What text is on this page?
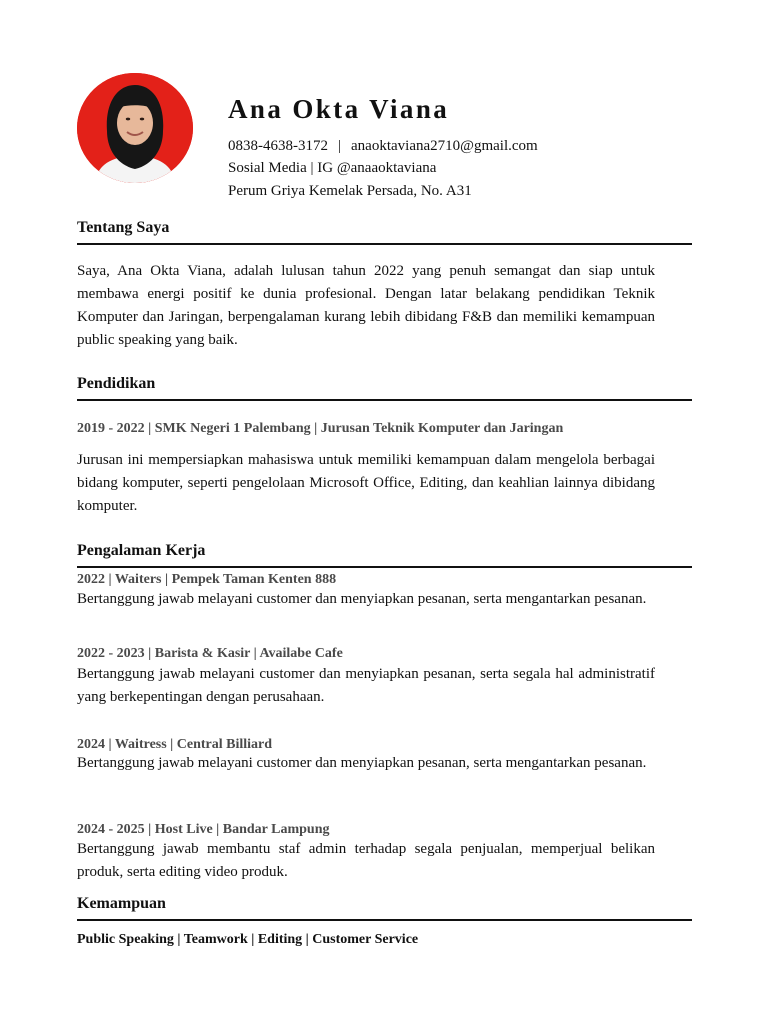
Ana Okta Viana
0838-4638-3172 | anaoktaviana2710@gmail.com
Sosial Media | IG @anaaoktaviana
Perum Griya Kemelak Persada, No. A31
Tentang Saya
Saya, Ana Okta Viana, adalah lulusan tahun 2022 yang penuh semangat dan siap untuk membawa energi positif ke dunia profesional. Dengan latar belakang pendidikan Teknik Komputer dan Jaringan, berpengalaman kurang lebih dibidang F&B dan memiliki kemampuan public speaking yang baik.
Pendidikan
2019 - 2022 | SMK Negeri 1 Palembang | Jurusan Teknik Komputer dan Jaringan
Jurusan ini mempersiapkan mahasiswa untuk memiliki kemampuan dalam mengelola berbagai bidang komputer, seperti pengelolaan Microsoft Office, Editing, dan keahlian lainnya dibidang komputer.
Pengalaman Kerja
2022 | Waiters | Pempek Taman Kenten 888
Bertanggung jawab melayani customer dan menyiapkan pesanan, serta mengantarkan pesanan.
2022 - 2023 | Barista & Kasir | Availabe Cafe
Bertanggung jawab melayani customer dan menyiapkan pesanan, serta segala hal administratif yang berkepentingan dengan perusahaan.
2024 | Waitress | Central Billiard
Bertanggung jawab melayani customer dan menyiapkan pesanan, serta mengantarkan pesanan.
2024 - 2025 | Host Live | Bandar Lampung
Bertanggung jawab membantu staf admin terhadap segala penjualan, memperjual belikan produk, serta editing video produk.
Kemampuan
Public Speaking | Teamwork | Editing | Customer Service
